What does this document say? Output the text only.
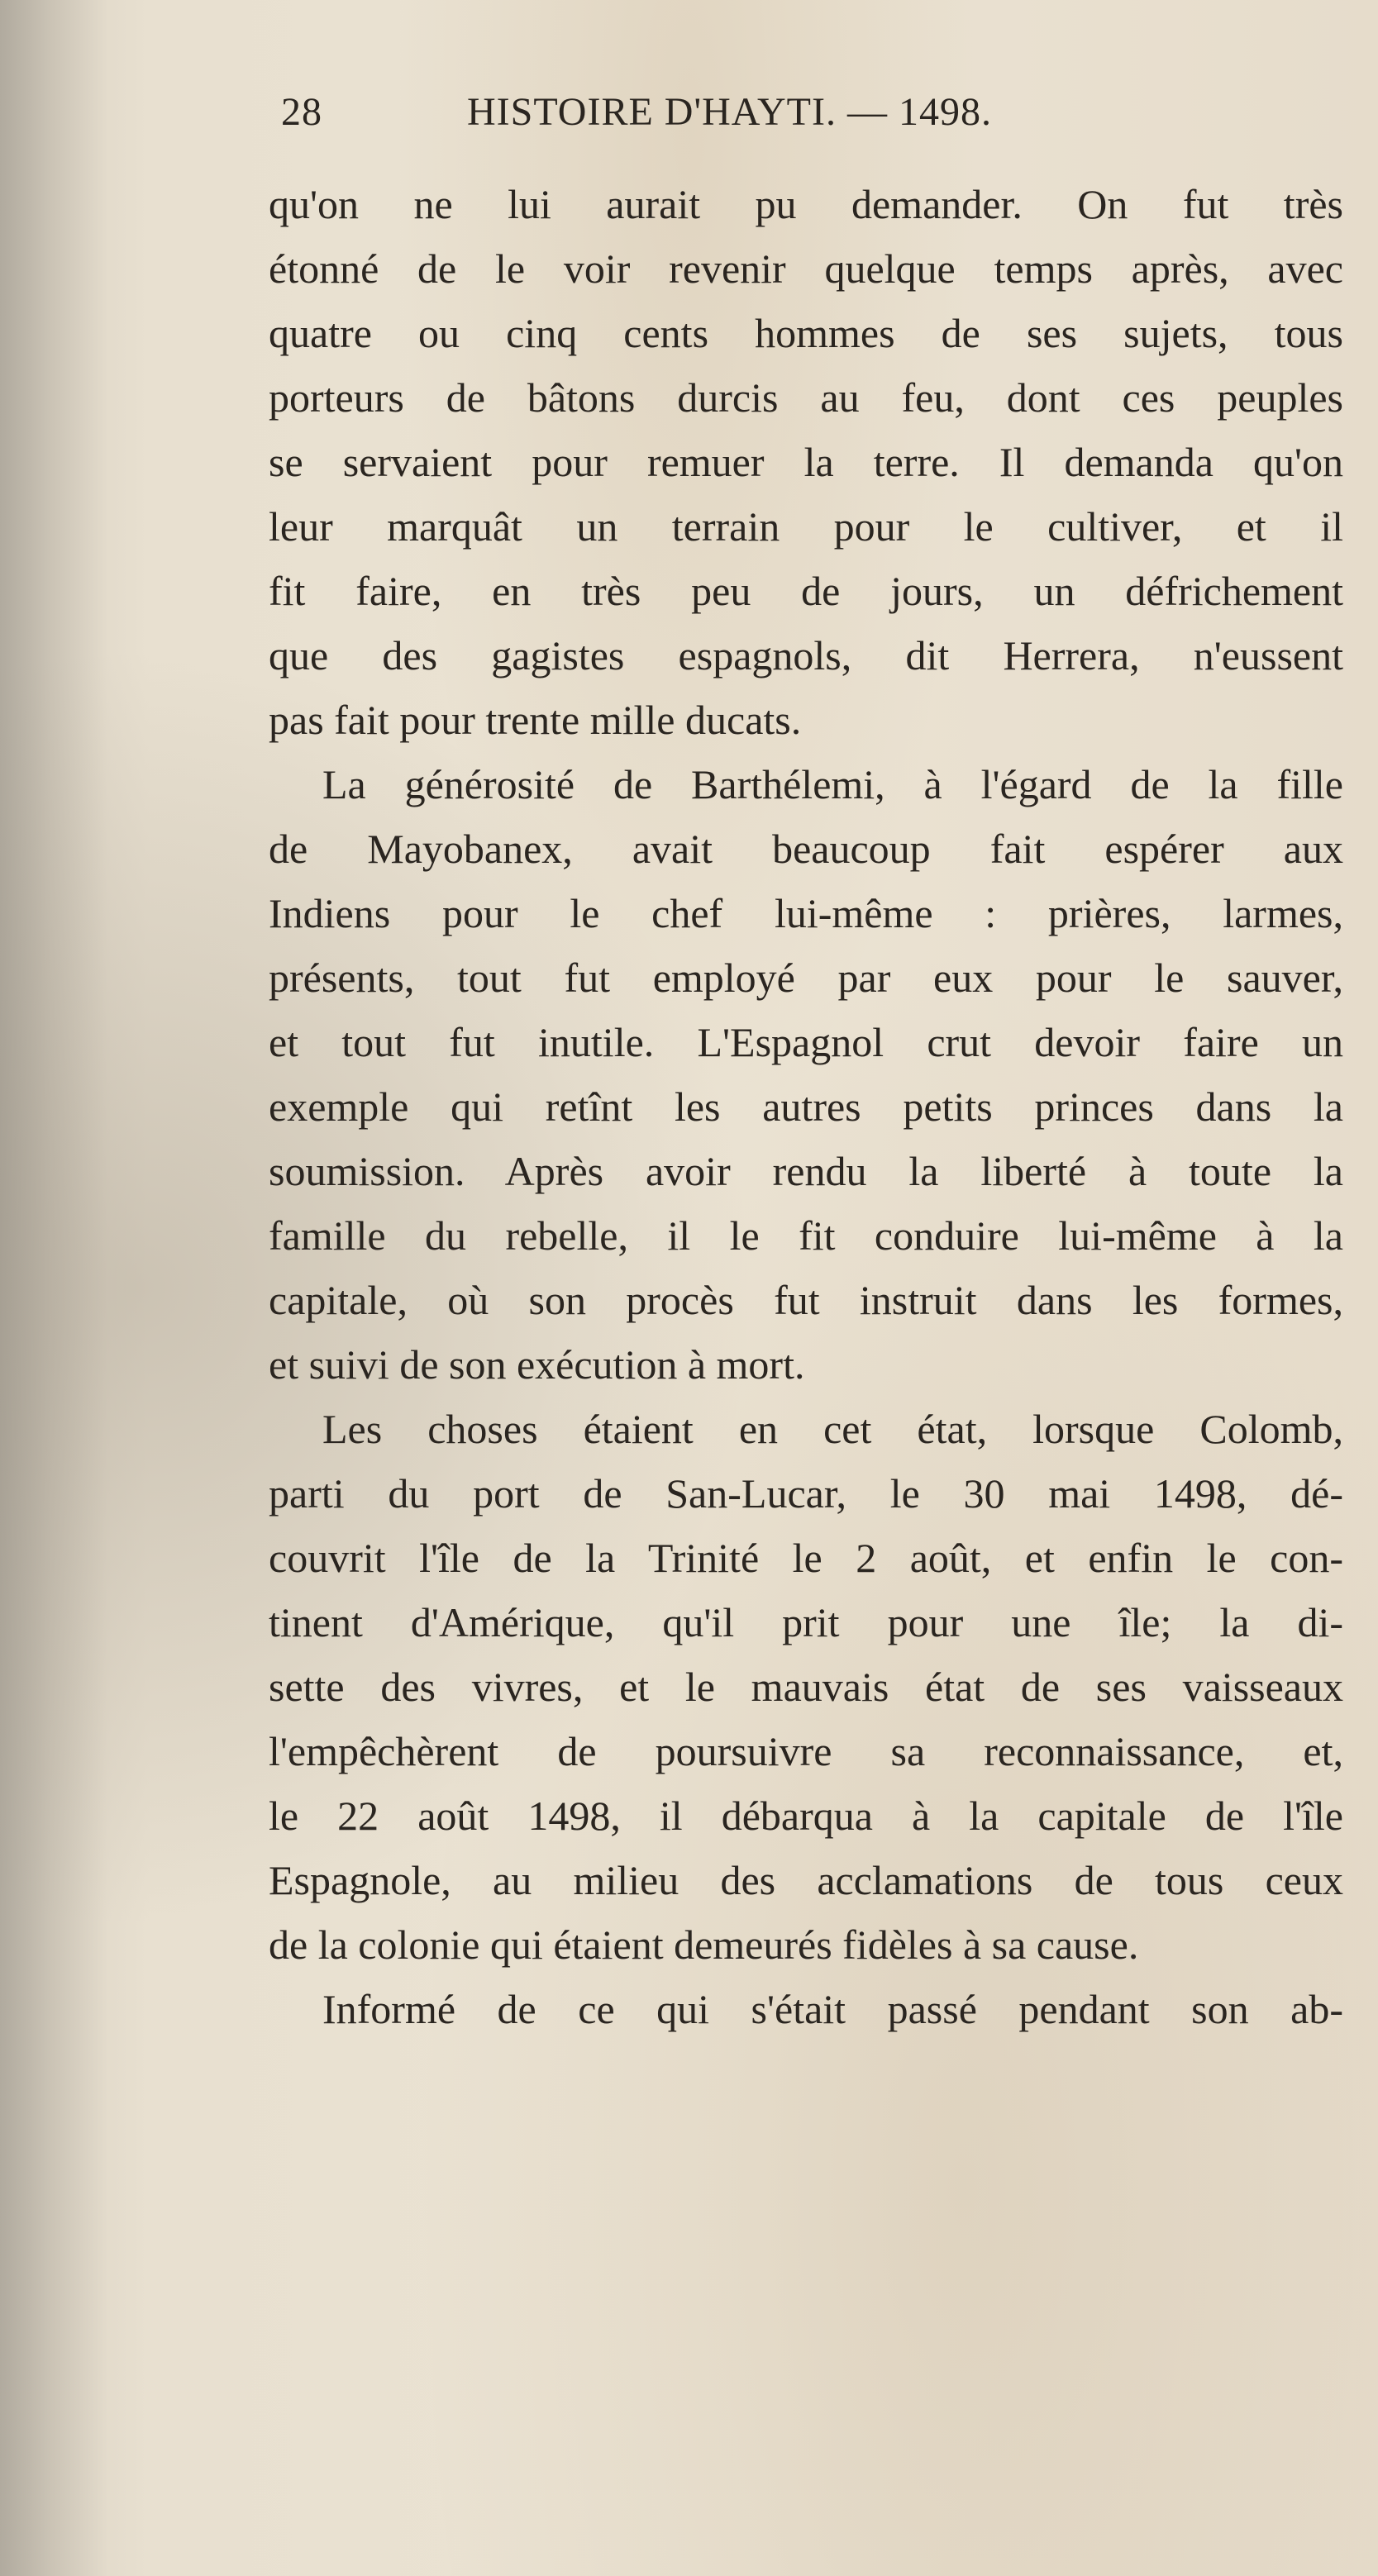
28	HISTOIRE D'HAYTI. — 1498.
qu'on ne lui aurait pu demander. On fut très
étonné de le voir revenir quelque temps après, avec
quatre ou cinq cents hommes de ses sujets, tous
porteurs de bâtons durcis au feu, dont ces peuples
se servaient pour remuer la terre. Il demanda qu'on
leur marquât un terrain pour le cultiver, et il
fit faire, en très peu de jours, un défrichement
que des gagistes espagnols, dit Herrera, n'eussent
pas fait pour trente mille ducats.
La générosité de Barthélemi, à l'égard de la fille
de Mayobanex, avait beaucoup fait espérer aux
Indiens pour le chef lui-même : prières, larmes,
présents, tout fut employé par eux pour le sauver,
et tout fut inutile. L'Espagnol crut devoir faire un
exemple qui retînt les autres petits princes dans la
soumission. Après avoir rendu la liberté à toute la
famille du rebelle, il le fit conduire lui-même à la
capitale, où son procès fut instruit dans les formes,
et suivi de son exécution à mort.
Les choses étaient en cet état, lorsque Colomb,
parti du port de San-Lucar, le 30 mai 1498, dé-
couvrit l'île de la Trinité le 2 août, et enfin le con-
tinent d'Amérique, qu'il prit pour une île; la di-
sette des vivres, et le mauvais état de ses vaisseaux
l'empêchèrent de poursuivre sa reconnaissance, et,
le 22 août 1498, il débarqua à la capitale de l'île
Espagnole, au milieu des acclamations de tous ceux
de la colonie qui étaient demeurés fidèles à sa cause.
Informé de ce qui s'était passé pendant son ab-
